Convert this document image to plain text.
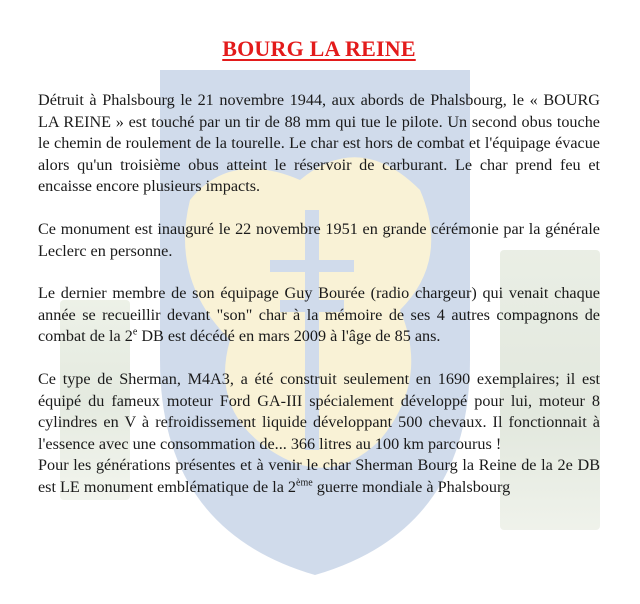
BOURG LA REINE

Détruit à Phalsbourg le 21 novembre 1944, aux abords de Phalsbourg, le « BOURG LA REINE » est touché par un tir de 88 mm qui tue le pilote. Un second obus touche le chemin de roulement de la tourelle. Le char est hors de combat et l'équipage évacue alors qu'un troisième obus atteint le réservoir de carburant. Le char prend feu et encaisse encore plusieurs impacts.

Ce monument est inauguré le 22 novembre 1951 en grande cérémonie par la générale Leclerc en personne.

Le dernier membre de son équipage Guy Bourée (radio chargeur) qui venait chaque année se recueillir devant "son" char à la mémoire de ses 4 autres compagnons de combat de la 2e DB est décédé en mars 2009 à l'âge de 85 ans.

Ce type de Sherman, M4A3, a été construit seulement en 1690 exemplaires; il est équipé du fameux moteur Ford GA-III spécialement développé pour lui, moteur 8 cylindres en V à refroidissement liquide développant 500 chevaux. Il fonctionnait à l'essence avec une consommation de... 366 litres au 100 km parcourus !

Pour les générations présentes et à venir le char Sherman Bourg la Reine de la 2e DB est LE monument emblématique de la 2ème guerre mondiale à Phalsbourg
